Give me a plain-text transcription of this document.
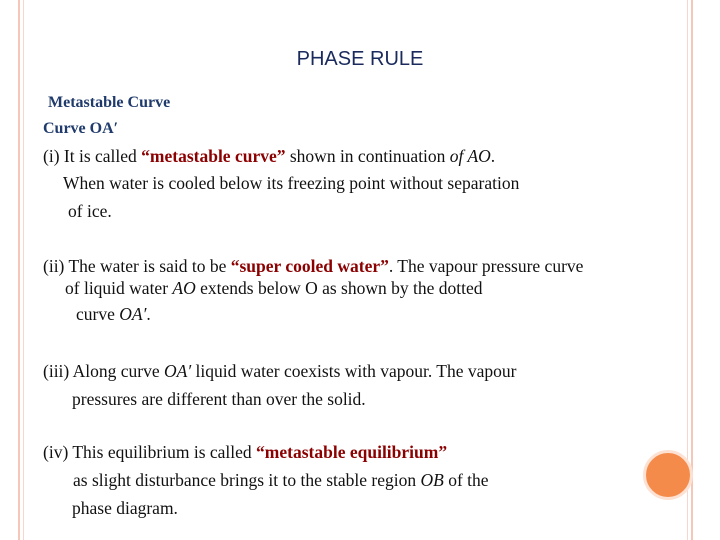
PHASE RULE
Metastable Curve
Curve OA′
(i) It is called “metastable curve” shown in continuation of AO.
When water is cooled below its freezing point without separation
of ice.
(ii) The water is said to be “super cooled water”. The vapour pressure curve
of liquid water AO extends below O as shown by the dotted
curve OA′.
(iii) Along curve OA′ liquid water coexists with vapour. The vapour
pressures are different than over the solid.
(iv) This equilibrium is called “metastable equilibrium”
as slight disturbance brings it to the stable region OB of the
phase diagram.
